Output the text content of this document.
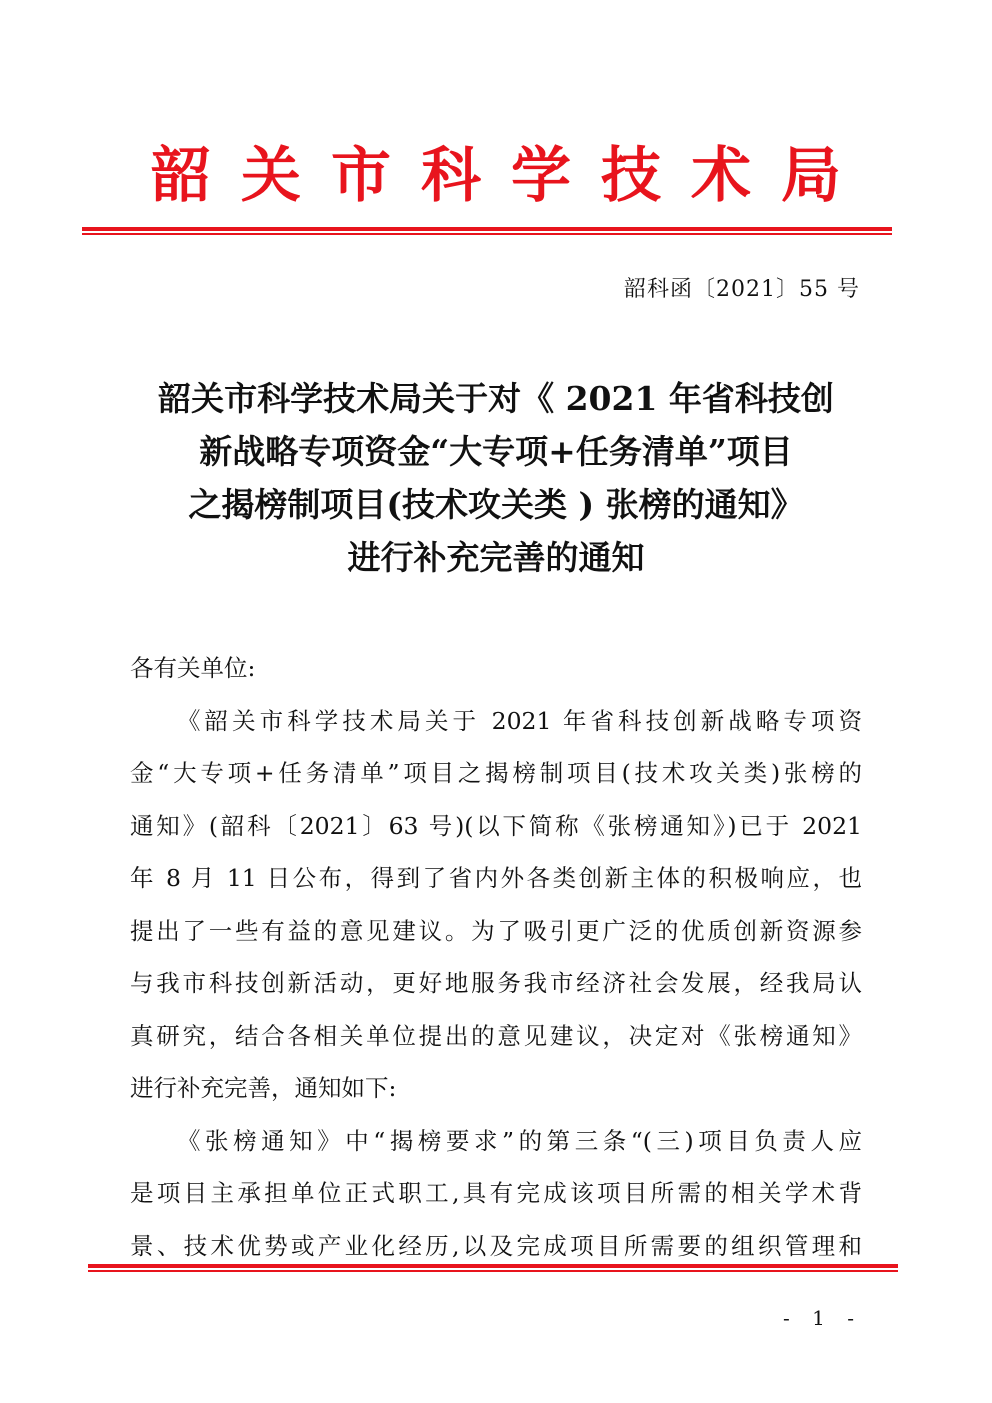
韶关市科学技术局
韶科函〔2021〕55 号
韶关市科学技术局关于对《 2021 年省科技创
新战略专项资金“大专项+任务清单”项目
之揭榜制项目(技术攻关类 ) 张榜的通知》
进行补充完善的通知
各有关单位:
《韶关市科学技术局关于 2021 年省科技创新战略专项资
金“大专项+任务清单”项目之揭榜制项目(技术攻关类)张榜的
通知》(韶科〔2021〕63 号)(以下简称《张榜通知》)已于 2021
年 8 月 11 日公布，得到了省内外各类创新主体的积极响应，也
提出了一些有益的意见建议。为了吸引更广泛的优质创新资源参
与我市科技创新活动，更好地服务我市经济社会发展，经我局认
真研究，结合各相关单位提出的意见建议，决定对《张榜通知》
进行补充完善，通知如下:
《张榜通知》中“揭榜要求”的第三条“(三)项目负责人应
是项目主承担单位正式职工,具有完成该项目所需的相关学术背
景、技术优势或产业化经历,以及完成项目所需要的组织管理和
- 1 -
